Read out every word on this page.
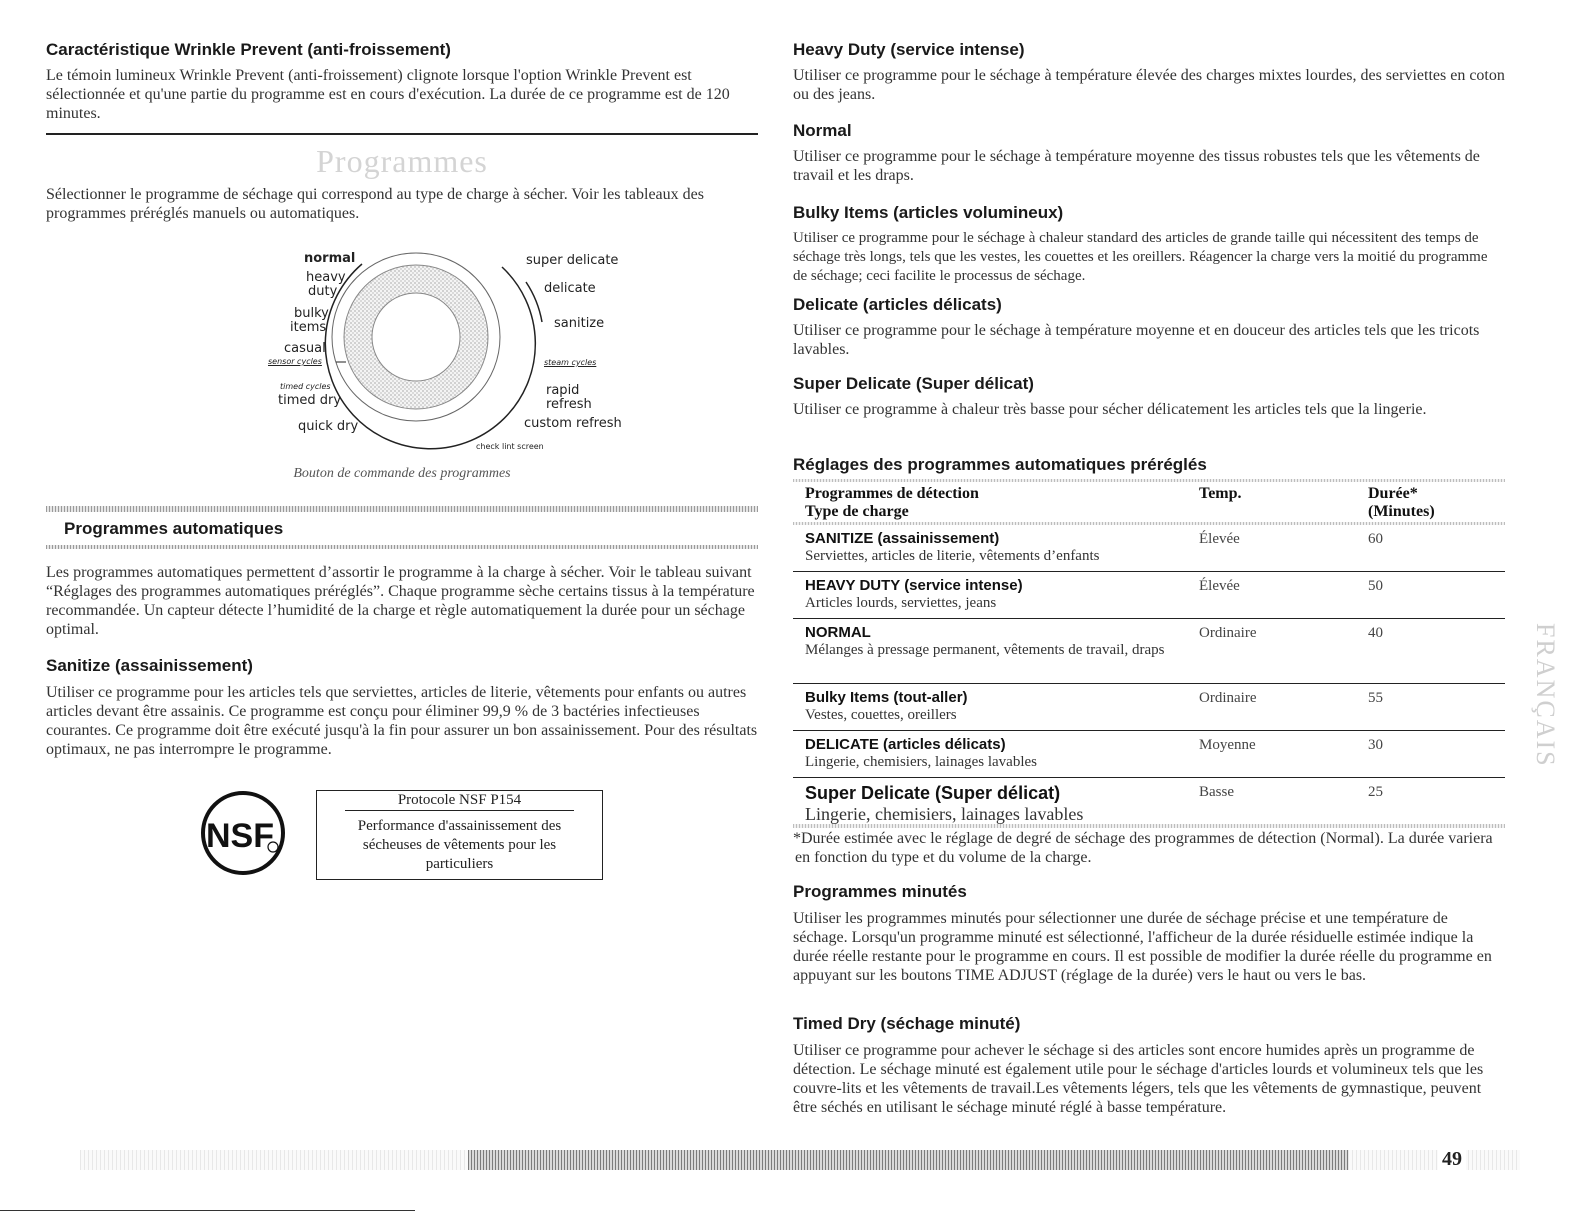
Caractéristique Wrinkle Prevent (anti-froissement)

Le témoin lumineux Wrinkle Prevent (anti-froissement) clignote lorsque l'option Wrinkle Prevent est sélectionnée et qu'une partie du programme est en cours d'exécution. La durée de ce programme est de 120 minutes.

Programmes

Sélectionner le programme de séchage qui correspond au type de charge à sécher. Voir les tableaux des programmes préréglés manuels ou automatiques.

normal
heavy
duty
bulky
items
casual
sensor cycles
timed cycles
timed dry
quick dry
super delicate
delicate
sanitize
steam cycles
rapid refresh
custom refresh
check lint screen
Bouton de commande des programmes
Programmes automatiques

Les programmes automatiques permettent d’assortir le programme à la charge à sécher. Voir le tableau suivant “Réglages des programmes automatiques préréglés”. Chaque programme sèche certains tissus à la température recommandée. Un capteur détecte l’humidité de la charge et règle automatiquement la durée pour un séchage optimal.

Sanitize (assainissement)

Utiliser ce programme pour les articles tels que serviettes, articles de literie, vêtements pour enfants ou autres articles devant être assainis. Ce programme est conçu pour éliminer 99,9 % de 3 bactéries infectieuses courantes. Ce programme doit être exécuté jusqu'à la fin pour assurer un bon assainissement. Pour des résultats optimaux, ne pas interrompre le programme.

NSF
Protocole NSF P154
Performance d'assainissement des sécheuses de vêtements pour les particuliers
Heavy Duty (service intense)

Utiliser ce programme pour le séchage à température élevée des charges mixtes lourdes, des serviettes en coton ou des jeans.

Normal

Utiliser ce programme pour le séchage à température moyenne des tissus robustes tels que les vêtements de travail et les draps.

Bulky Items (articles volumineux)

Utiliser ce programme pour le séchage à chaleur standard des articles de grande taille qui nécessitent des temps de séchage très longs, tels que les vestes, les couettes et les oreillers. Réagencer la charge vers la moitié du programme de séchage; ceci facilite le processus de séchage.

Delicate (articles délicats)

Utiliser ce programme pour le séchage à température moyenne et en douceur des articles tels que les tricots lavables.

Super Delicate (Super délicat)

Utiliser ce programme à chaleur très basse pour sécher délicatement les articles tels que la lingerie.

Réglages des programmes automatiques préréglés
Programmes de détection
Type de charge
Temp.	Durée*
(Minutes)
SANITIZE (assainissement)
Serviettes, articles de literie, vêtements d’enfants
Élevée	60
HEAVY DUTY (service intense)
Articles lourds, serviettes, jeans
Élevée	50
NORMAL
Mélanges à pressage permanent, vêtements de travail, draps
Ordinaire	40
Bulky Items (tout-aller)
Vestes, couettes, oreillers
Ordinaire	55
DELICATE (articles délicats)
Lingerie, chemisiers, lainages lavables
Moyenne	30
Super Delicate (Super délicat)
Lingerie, chemisiers, lainages lavables
Basse	25

*Durée estimée avec le réglage de degré de séchage des programmes de détection (Normal). La durée variera en fonction du type et du volume de la charge.

Programmes minutés

Utiliser les programmes minutés pour sélectionner une durée de séchage précise et une température de séchage. Lorsqu'un programme minuté est sélectionné, l'afficheur de la durée résiduelle estimée indique la durée réelle restante pour le programme en cours. Il est possible de modifier la durée réelle du programme en appuyant sur les boutons TIME ADJUST (réglage de la durée) vers le haut ou vers le bas.

Timed Dry (séchage minuté)

Utiliser ce programme pour achever le séchage si des articles sont encore humides après un programme de détection. Le séchage minuté est également utile pour le séchage d'articles lourds et volumineux tels que les couvre-lits et les vêtements de travail.Les vêtements légers, tels que les vêtements de gymnastique, peuvent être séchés en utilisant le séchage minuté réglé à basse température.

FRANÇAIS
49
